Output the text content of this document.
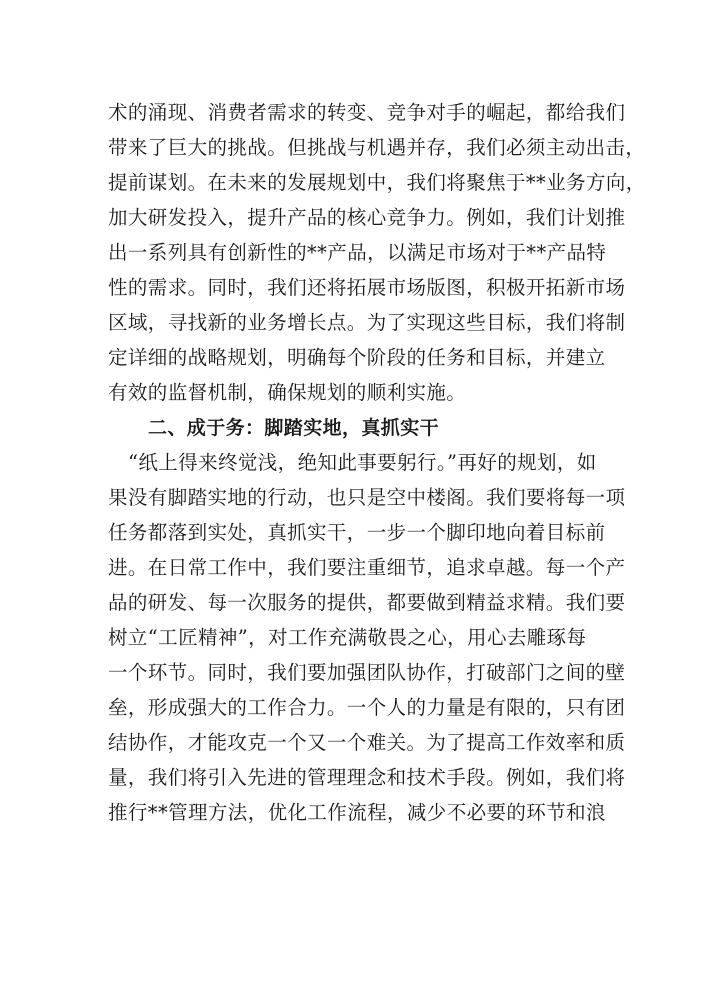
术的涌现、消费者需求的转变、竞争对手的崛起，都给我们
带来了巨大的挑战。但挑战与机遇并存，我们必须主动出击，
提前谋划。在未来的发展规划中，我们将聚焦于**业务方向，
加大研发投入，提升产品的核心竞争力。例如，我们计划推
出一系列具有创新性的**产品，以满足市场对于**产品特
性的需求。同时，我们还将拓展市场版图，积极开拓新市场
区域，寻找新的业务增长点。为了实现这些目标，我们将制
定详细的战略规划，明确每个阶段的任务和目标，并建立
有效的监督机制，确保规划的顺利实施。
二、成于务：脚踏实地，真抓实干
“纸上得来终觉浅，绝知此事要躬行。”再好的规划，如
果没有脚踏实地的行动，也只是空中楼阁。我们要将每一项
任务都落到实处，真抓实干，一步一个脚印地向着目标前
进。在日常工作中，我们要注重细节，追求卓越。每一个产
品的研发、每一次服务的提供，都要做到精益求精。我们要
树立“工匠精神”，对工作充满敬畏之心，用心去雕琢每
一个环节。同时，我们要加强团队协作，打破部门之间的壁
垒，形成强大的工作合力。一个人的力量是有限的，只有团
结协作，才能攻克一个又一个难关。为了提高工作效率和质
量，我们将引入先进的管理理念和技术手段。例如，我们将
推行**管理方法，优化工作流程，减少不必要的环节和浪
